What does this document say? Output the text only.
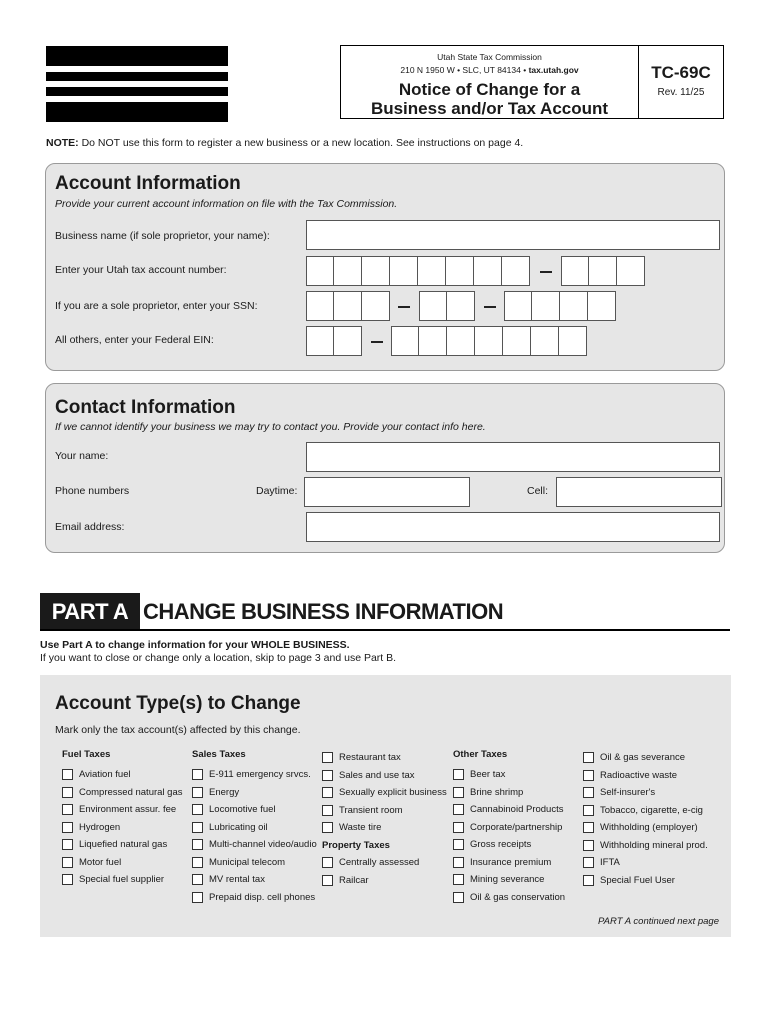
Utah State Tax Commission
210 N 1950 W • SLC, UT 84134 • tax.utah.gov
Notice of Change for a
Business and/or Tax Account
TC-69C
Rev. 11/25
NOTE: Do NOT use this form to register a new business or a new location. See instructions on page 4.
Account Information
Provide your current account information on file with the Tax Commission.
Business name (if sole proprietor, your name):
Enter your Utah tax account number:
If you are a sole proprietor, enter your SSN:
All others, enter your Federal EIN:
Contact Information
If we cannot identify your business we may try to contact you. Provide your contact info here.
Your name:
Phone numbers	Daytime:	Cell:
Email address:
PART A CHANGE BUSINESS INFORMATION
Use Part A to change information for your WHOLE BUSINESS.
If you want to close or change only a location, skip to page 3 and use Part B.
Account Type(s) to Change
Mark only the tax account(s) affected by this change.
Fuel Taxes
Aviation fuel
Compressed natural gas
Environment assur. fee
Hydrogen
Liquefied natural gas
Motor fuel
Special fuel supplier
Sales Taxes
E-911 emergency srvcs.
Energy
Locomotive fuel
Lubricating oil
Multi-channel video/audio
Municipal telecom
MV rental tax
Prepaid disp. cell phones
Restaurant tax
Sales and use tax
Sexually explicit business
Transient room
Waste tire
Property Taxes
Centrally assessed
Railcar
Other Taxes
Beer tax
Brine shrimp
Cannabinoid Products
Corporate/partnership
Gross receipts
Insurance premium
Mining severance
Oil & gas conservation
Oil & gas severance
Radioactive waste
Self-insurer's
Tobacco, cigarette, e-cig
Withholding (employer)
Withholding mineral prod.
IFTA
Special Fuel User
PART A continued next page
